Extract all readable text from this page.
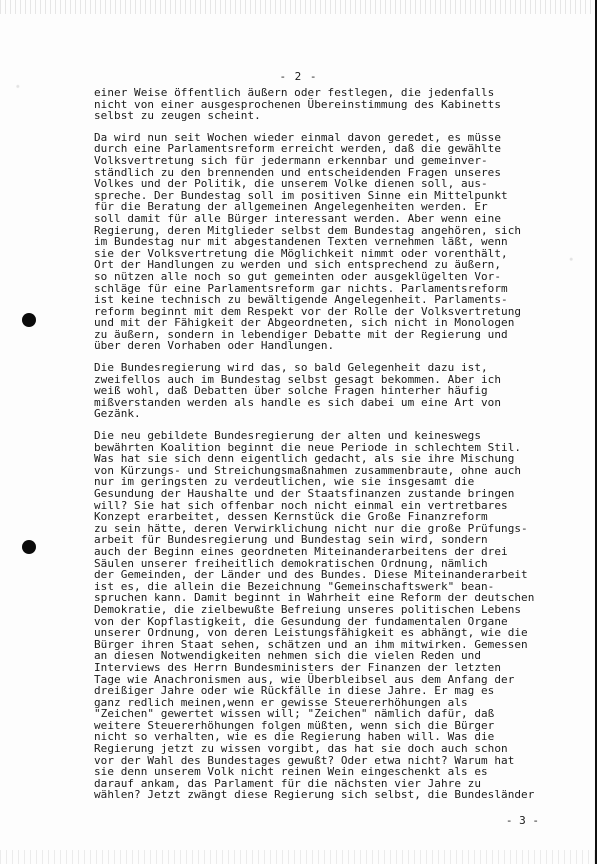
- 2 -
einer Weise öffentlich äußern oder festlegen, die jedenfalls
nicht von einer ausgesprochenen Übereinstimmung des Kabinetts
selbst zu zeugen scheint.
Da wird nun seit Wochen wieder einmal davon geredet, es müsse
durch eine Parlamentsreform erreicht werden, daß die gewählte
Volksvertretung sich für jedermann erkennbar und gemeinver-
ständlich zu den brennenden und entscheidenden Fragen unseres
Volkes und der Politik, die unserem Volke dienen soll, aus-
spreche. Der Bundestag soll im positiven Sinne ein Mittelpunkt
für die Beratung der allgemeinen Angelegenheiten werden. Er
soll damit für alle Bürger interessant werden. Aber wenn eine
Regierung, deren Mitglieder selbst dem Bundestag angehören, sich
im Bundestag nur mit abgestandenen Texten vernehmen läßt, wenn
sie der Volksvertretung die Möglichkeit nimmt oder vorenthält,
Ort der Handlungen zu werden und sich entsprechend zu äußern,
so nützen alle noch so gut gemeinten oder ausgeklügelten Vor-
schläge für eine Parlamentsreform gar nichts. Parlamentsreform
ist keine technisch zu bewältigende Angelegenheit. Parlaments-
reform beginnt mit dem Respekt vor der Rolle der Volksvertretung
und mit der Fähigkeit der Abgeordneten, sich nicht in Monologen
zu äußern, sondern in lebendiger Debatte mit der Regierung und
über deren Vorhaben oder Handlungen.
Die Bundesregierung wird das, so bald Gelegenheit dazu ist,
zweifellos auch im Bundestag selbst gesagt bekommen. Aber ich
weiß wohl, daß Debatten über solche Fragen hinterher häufig
mißverstanden werden als handle es sich dabei um eine Art von
Gezänk.
Die neu gebildete Bundesregierung der alten und keineswegs
bewährten Koalition beginnt die neue Periode in schlechtem Stil.
Was hat sie sich denn eigentlich gedacht, als sie ihre Mischung
von Kürzungs- und Streichungsmaßnahmen zusammenbraute, ohne auch
nur im geringsten zu verdeutlichen, wie sie insgesamt die
Gesundung der Haushalte und der Staatsfinanzen zustande bringen
will? Sie hat sich offenbar noch nicht einmal ein vertretbares
Konzept erarbeitet, dessen Kernstück die Große Finanzreform
zu sein hätte, deren Verwirklichung nicht nur die große Prüfungs-
arbeit für Bundesregierung und Bundestag sein wird, sondern
auch der Beginn eines geordneten Miteinanderarbeitens der drei
Säulen unserer freiheitlich demokratischen Ordnung, nämlich
der Gemeinden, der Länder und des Bundes. Diese Miteinanderarbeit
ist es, die allein die Bezeichnung "Gemeinschaftswerk" bean-
spruchen kann. Damit beginnt in Wahrheit eine Reform der deutschen
Demokratie, die zielbewußte Befreiung unseres politischen Lebens
von der Kopflastigkeit, die Gesundung der fundamentalen Organe
unserer Ordnung, von deren Leistungsfähigkeit es abhängt, wie die
Bürger ihren Staat sehen, schätzen und an ihm mitwirken. Gemessen
an diesen Notwendigkeiten nehmen sich die vielen Reden und
Interviews des Herrn Bundesministers der Finanzen der letzten
Tage wie Anachronismen aus, wie Überbleibsel aus dem Anfang der
dreißiger Jahre oder wie Rückfälle in diese Jahre. Er mag es
ganz redlich meinen,wenn er gewisse Steuererhöhungen als
"Zeichen" gewertet wissen will; "Zeichen" nämlich dafür, daß
weitere Steuererhöhungen folgen müßten, wenn sich die Bürger
nicht so verhalten, wie es die Regierung haben will. Was die
Regierung jetzt zu wissen vorgibt, das hat sie doch auch schon
vor der Wahl des Bundestages gewußt? Oder etwa nicht? Warum hat
sie denn unserem Volk nicht reinen Wein eingeschenkt als es
darauf ankam, das Parlament für die nächsten vier Jahre zu
wählen? Jetzt zwängt diese Regierung sich selbst, die Bundesländer
- 3 -
